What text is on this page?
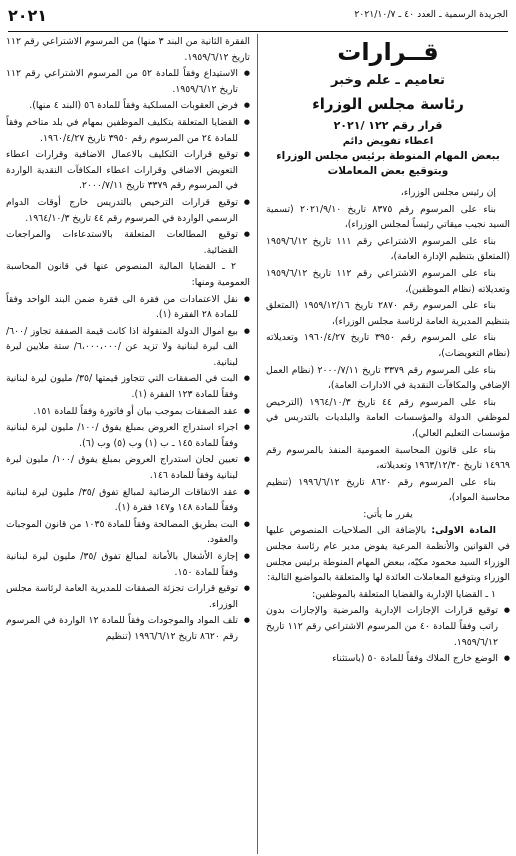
الجريدة الرسمية ـ العدد ٤٠ ـ ٢٠٢١/١٠/٧
٢٠٢١
قــرارات
تعاميم ـ علم وخبر
رئاسة مجلس الوزراء
قرار رقم ١٢٢ /٢٠٢١
اعطاء تفويض دائم
ببعض المهام المنوطة برئيس مجلس الوزراء وبتوقيع بعض المعاملات

إن رئيس مجلس الوزراء،

بناء على المرسوم رقم ٨٣٧٥ تاريخ ٢٠٢١/٩/١٠ (تسمية السيد نجيب ميقاتي رئيساً لمجلس الوزراء)،

بناء على المرسوم الاشتراعي رقم ١١١ تاريخ ١٩٥٩/٦/١٢ (المتعلق بتنظيم الإدارة العامة)،

بناء على المرسوم الاشتراعي رقم ١١٢ تاريخ ١٩٥٩/٦/١٢ وتعديلاته (نظام الموظفين)،

بناء على المرسوم رقم ٢٨٧٠ تاريخ ١٩٥٩/١٢/١٦ (المتعلق بتنظيم المديرية العامة لرئاسة مجلس الوزراء)،

بناء على المرسوم رقم ٣٩٥٠ تاريخ ١٩٦٠/٤/٢٧ وتعديلاته (نظام التعويضات)،

بناء على المرسوم رقم ٣٣٧٩ تاريخ ٢٠٠٠/٧/١١ (نظام العمل الإضافي والمكافآت النقدية في الادارات العامة)،

بناء على المرسوم رقم ٤٤ تاريخ ١٩٦٤/١٠/٣ (الترخيص لموظفي الدولة والمؤسسات العامة والبلديات بالتدريس في مؤسسات التعليم العالي)،

بناء على قانون المحاسبة العمومية المنفذ بالمرسوم رقم ١٤٩٦٩ تاريخ ١٩٦٣/١٢/٣٠ وتعديلاته،

بناء على المرسوم رقم ٨٦٢٠ تاريخ ١٩٩٦/٦/١٢ (تنظيم محاسبة المواد)،

يقرر ما يأتي:

المادة الاولى: بالإضافة الى الصلاحيات المنصوص عليها في القوانين والأنظمة المرعية يفوض مدير عام رئاسة مجلس الوزراء السيد محمود مكيّه، ببعض المهام المنوطة برئيس مجلس الوزراء وبتوقيع المعاملات العائدة لها والمتعلقة بالمواضيع التالية:

١ ـ القضايا الإدارية والقضايا المتعلقة بالموظفين:

● توقيع قرارات الإجازات الإدارية والمرضية والإجازات بدون راتب وفقاً للمادة ٤٠ من المرسوم الاشتراعي رقم ١١٢ تاريخ ١٩٥٩/٦/١٢.

● الوضع خارج الملاك وفقاً للمادة ٥٠ (باستثناء

الفقرة الثانية من البند ٣ منها) من المرسوم الاشتراعي رقم ١١٢ تاريخ ١٩٥٩/٦/١٢.

● الاستيداع وفقاً للمادة ٥٢ من المرسوم الاشتراعي رقم ١١٢ تاريخ ١٩٥٩/٦/١٢.

● فرض العقوبات المسلكية وفقاً للمادة ٥٦ (البند ٤ منها).

● القضايا المتعلقة بتكليف الموظفين بمهام في بلد متاخم وفقاً للمادة ٢٤ من المرسوم رقم ٣٩٥٠ تاريخ ١٩٦٠/٤/٢٧.

● توقيع قرارات التكليف بالاعمال الاضافية وقرارات اعطاء التعويض الاضافي وقرارات اعطاء المكافآت النقدية الواردة في المرسوم رقم ٣٣٧٩ تاريخ ٢٠٠٠/٧/١١.

● توقيع قرارات الترخيص بالتدريس خارج أوقات الدوام الرسمي الواردة في المرسوم رقم ٤٤ تاريخ ١٩٦٤/١٠/٣.

● توقيع المطالعات المتعلقة بالاستدعاءات والمراجعات القضائية.

٢ ـ القضايا المالية المنصوص عنها في قانون المحاسبة العمومية ومنها:

● نقل الاعتمادات من فقرة الى فقرة ضمن البند الواحد وفقاً للمادة ٢٨ الفقرة (١).

● بيع اموال الدولة المنقولة اذا كانت قيمة الصفقة تجاوز /٦٠٠/ الف ليرة لبنانية ولا تزيد عن /٦،٠٠٠،٠٠٠/ ستة ملايين ليرة لبنانية.

● البت في الصفقات التي تتجاوز قيمتها /٣٥/ مليون ليرة لبنانية وفقاً للمادة ١٢٣ الفقرة (١).

● عقد الصفقات بموجب بيان أو فاتورة وفقاً للمادة ١٥١.

● اجراء استدراج العروض بمبلغ يفوق /١٠٠/ مليون ليرة لبنانية وفقاً للمادة ١٤٥ ـ ب (١) وب (٥) وب (٦).

● تعيين لجان استدراج العروض بمبلغ يفوق /١٠٠/ مليون ليرة لبنانية وفقاً للمادة ١٤٦.

● عقد الاتفاقات الرضائية لمبالغ تفوق /٣٥/ مليون ليرة لبنانية وفقاً للمادة ١٤٨ و١٤٧ فقرة (١).

● البت بطريق المصالحة وفقاً للمادة ١٠٣٥ من قانون الموجبات والعقود.

● إجازة الأشغال بالأمانة لمبالغ تفوق /٣٥/ مليون ليرة لبنانية وفقاً للمادة ١٥٠.

● توقيع قرارات تجزئة الصفقات للمديرية العامة لرئاسة مجلس الوزراء.

● تلف المواد والموجودات وفقاً للمادة ١٢ الواردة في المرسوم رقم ٨٦٢٠ تاريخ ١٩٩٦/٦/١٢ (تنظيم
